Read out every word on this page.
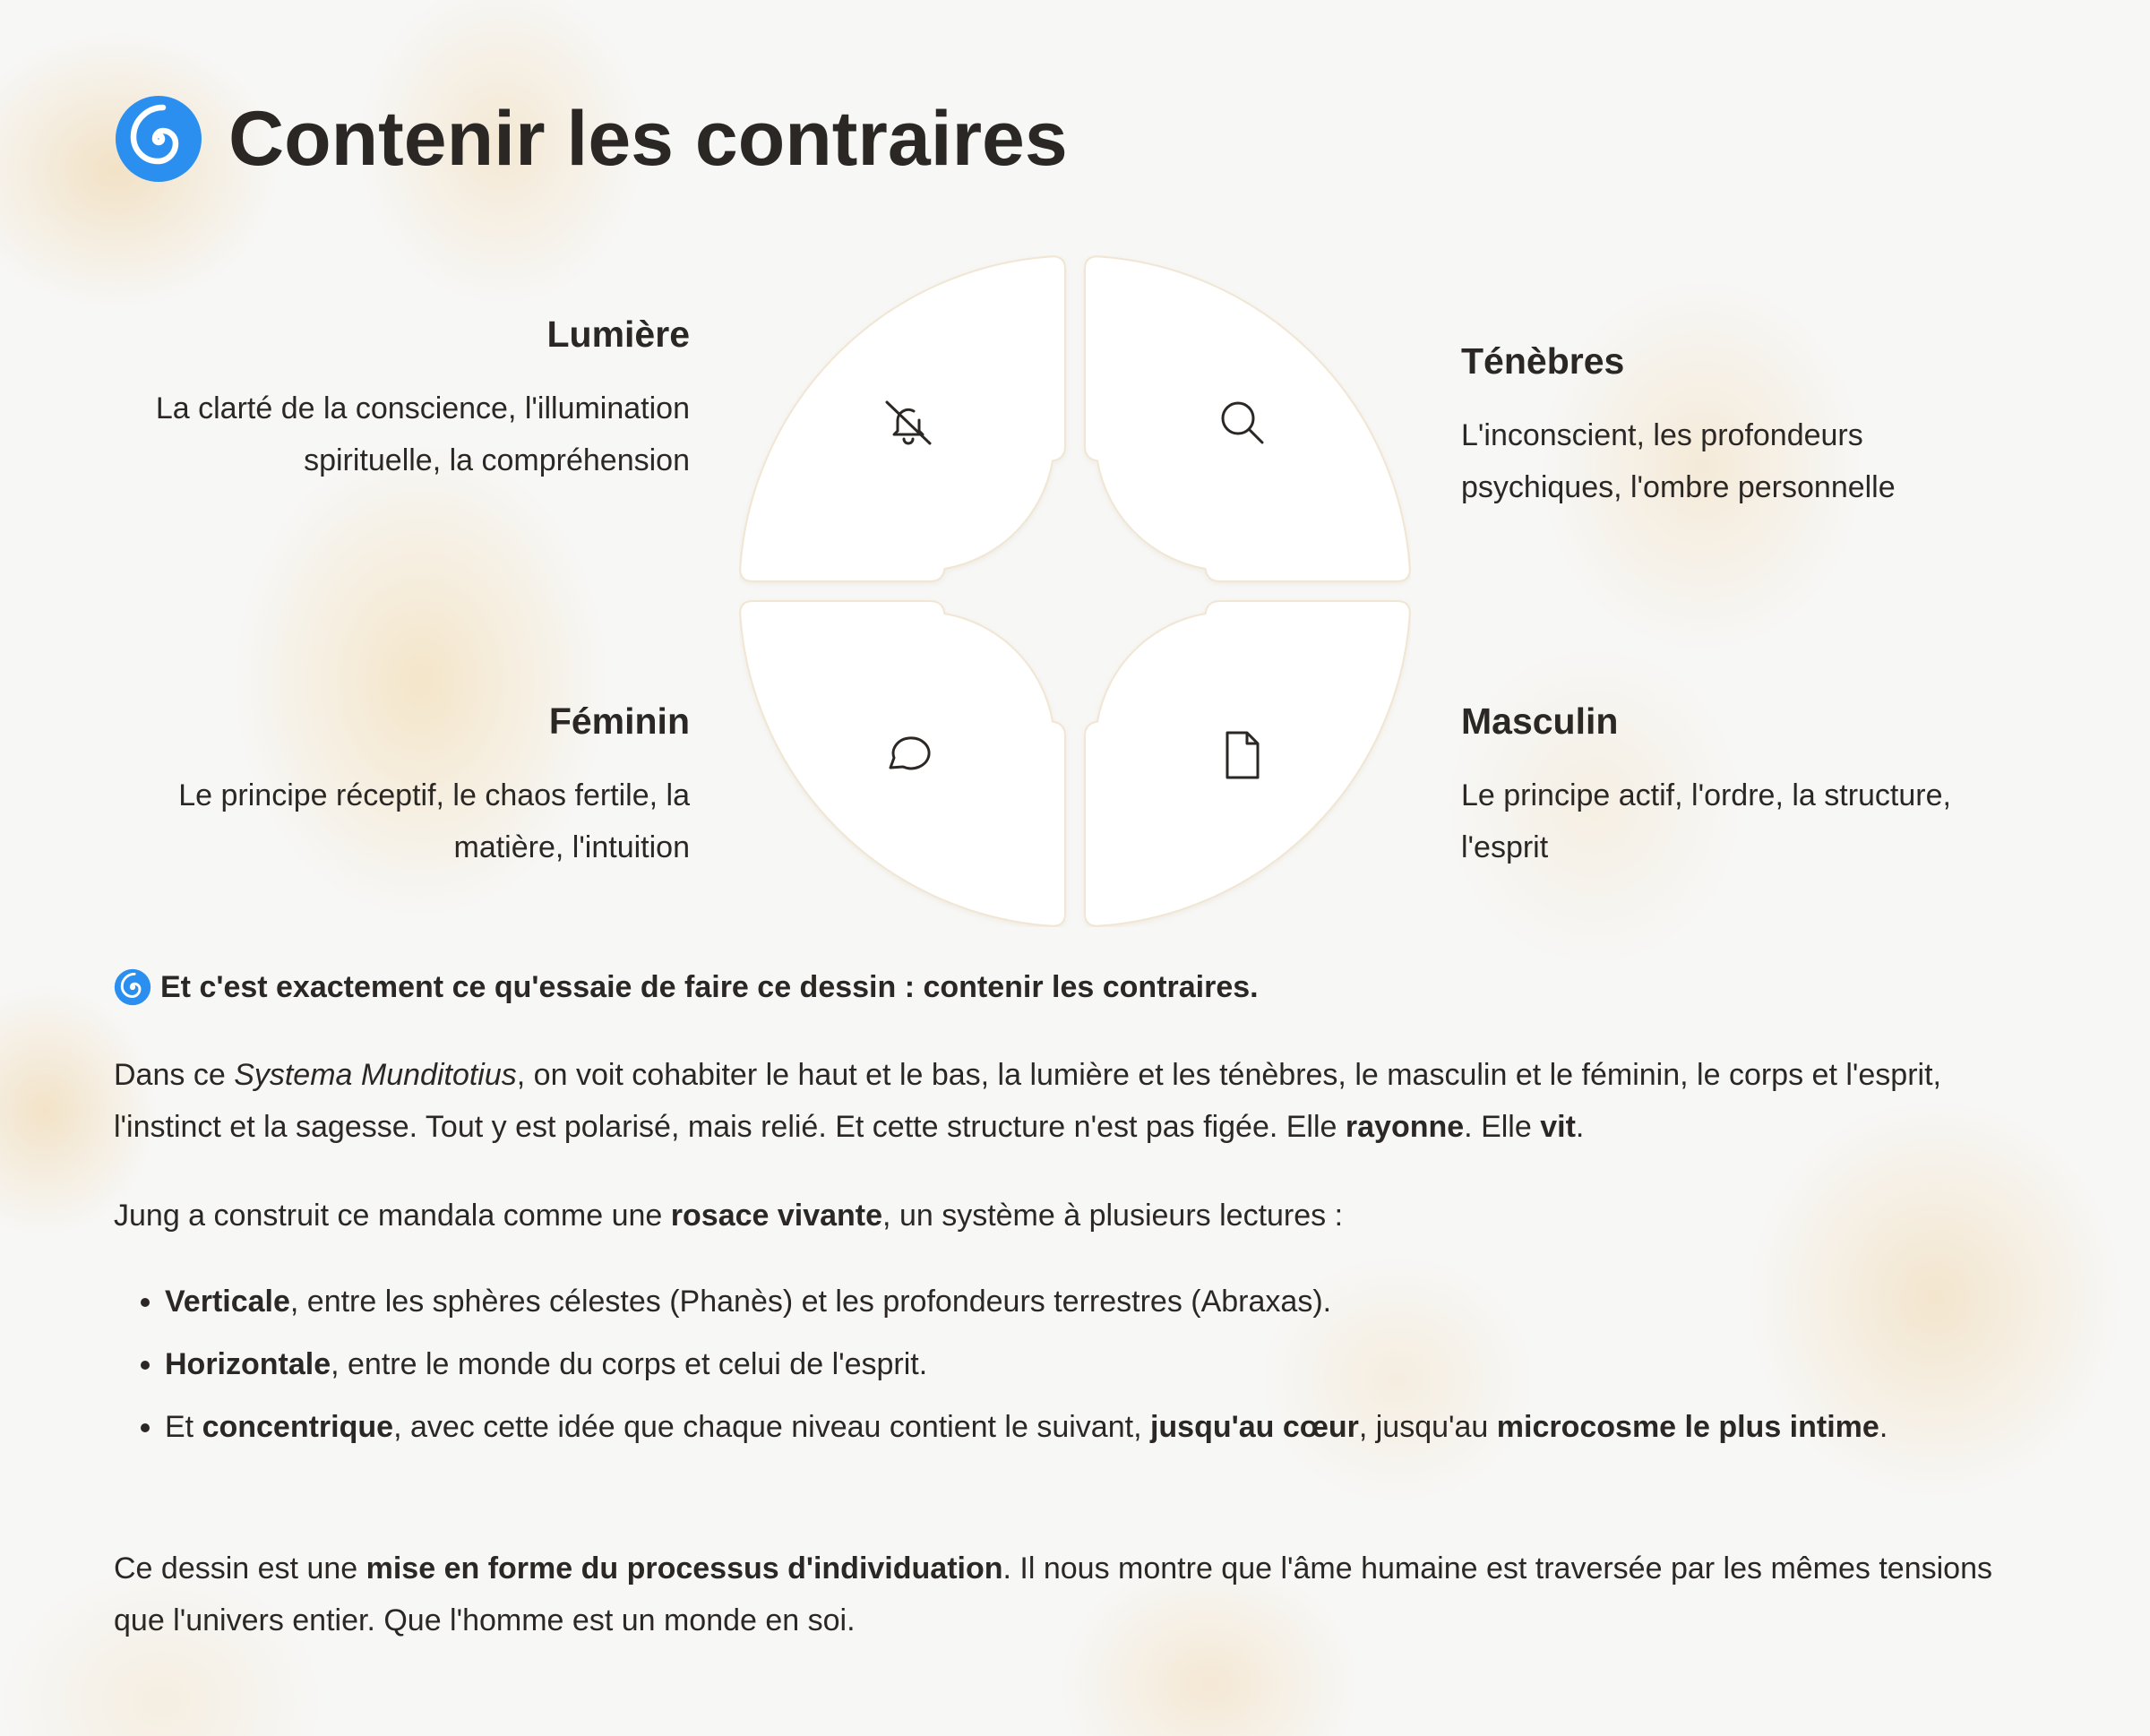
Contenir les contraires
Lumière

La clarté de la conscience, l'illumination spirituelle, la compréhension

Ténèbres

L'inconscient, les profondeurs psychiques, l'ombre personnelle

Féminin

Le principe réceptif, le chaos fertile, la matière, l'intuition

Masculin

Le principe actif, l'ordre, la structure, l'esprit

Et c'est exactement ce qu'essaie de faire ce dessin : contenir les contraires.

Dans ce Systema Munditotius, on voit cohabiter le haut et le bas, la lumière et les ténèbres, le masculin et le féminin, le corps et l'esprit, l'instinct et la sagesse. Tout y est polarisé, mais relié. Et cette structure n'est pas figée. Elle rayonne. Elle vit.

Jung a construit ce mandala comme une rosace vivante, un système à plusieurs lectures :

• Verticale, entre les sphères célestes (Phanès) et les profondeurs terrestres (Abraxas).
• Horizontale, entre le monde du corps et celui de l'esprit.
• Et concentrique, avec cette idée que chaque niveau contient le suivant, jusqu'au cœur, jusqu'au microcosme le plus intime.

Ce dessin est une mise en forme du processus d'individuation. Il nous montre que l'âme humaine est traversée par les mêmes tensions que l'univers entier. Que l'homme est un monde en soi.
